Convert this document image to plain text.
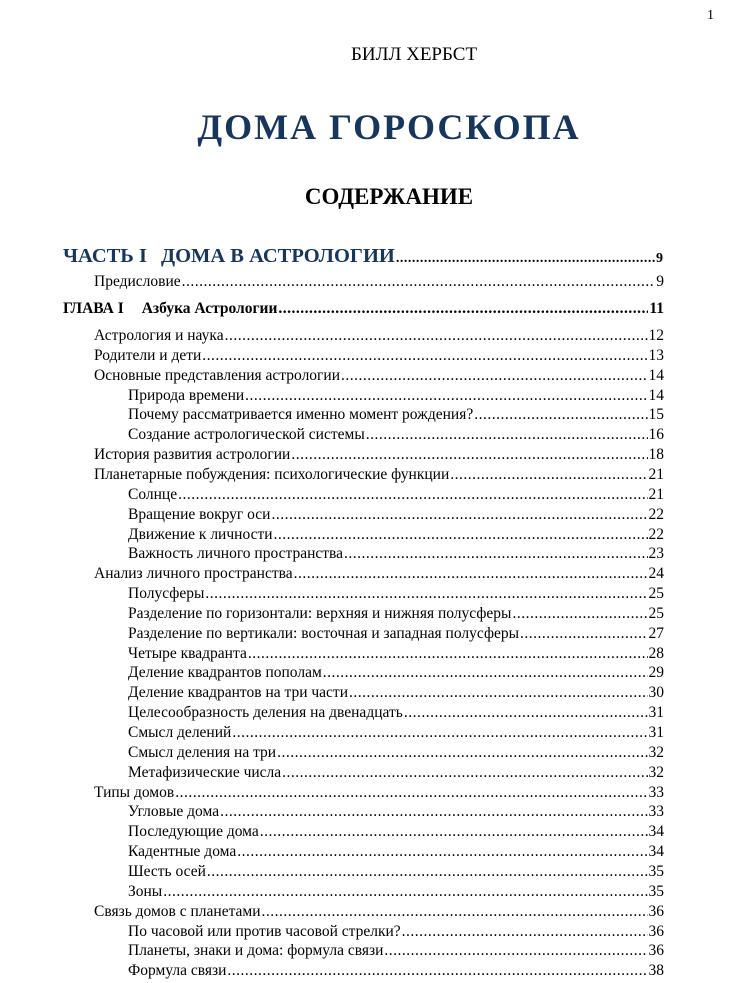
1
БИЛЛ ХЕРБСТ
ДОМА ГОРОСКОПА
СОДЕРЖАНИЕ
ЧАСТЬ I ДОМА В АСТРОЛОГИИ .....	9
Предисловие .....	9
ГЛАВА I Азбука Астрологии .....	11
Астрология и наука .....	12
Родители и дети .....	13
Основные представления астрологии .....	14
Природа времени .....	14
Почему рассматривается именно момент рождения? .....	15
Создание астрологической системы .....	16
История развития астрологии .....	18
Планетарные побуждения: психологические функции .....	21
Солнце .....	21
Вращение вокруг оси .....	22
Движение к личности .....	22
Важность личного пространства .....	23
Анализ личного пространства .....	24
Полусферы .....	25
Разделение по горизонтали: верхняя и нижняя полусферы .....	25
Разделение по вертикали: восточная и западная полусферы .....	27
Четыре квадранта .....	28
Деление квадрантов пополам .....	29
Деление квадрантов на три части .....	30
Целесообразность деления на двенадцать .....	31
Смысл делений .....	31
Смысл деления на три .....	32
Метафизические числа .....	32
Типы домов .....	33
Угловые дома .....	33
Последующие дома .....	34
Кадентные дома .....	34
Шесть осей .....	35
Зоны .....	35
Связь домов с планетами .....	36
По часовой или против часовой стрелки? .....	36
Планеты, знаки и дома: формула связи .....	36
Формула связи .....	38
